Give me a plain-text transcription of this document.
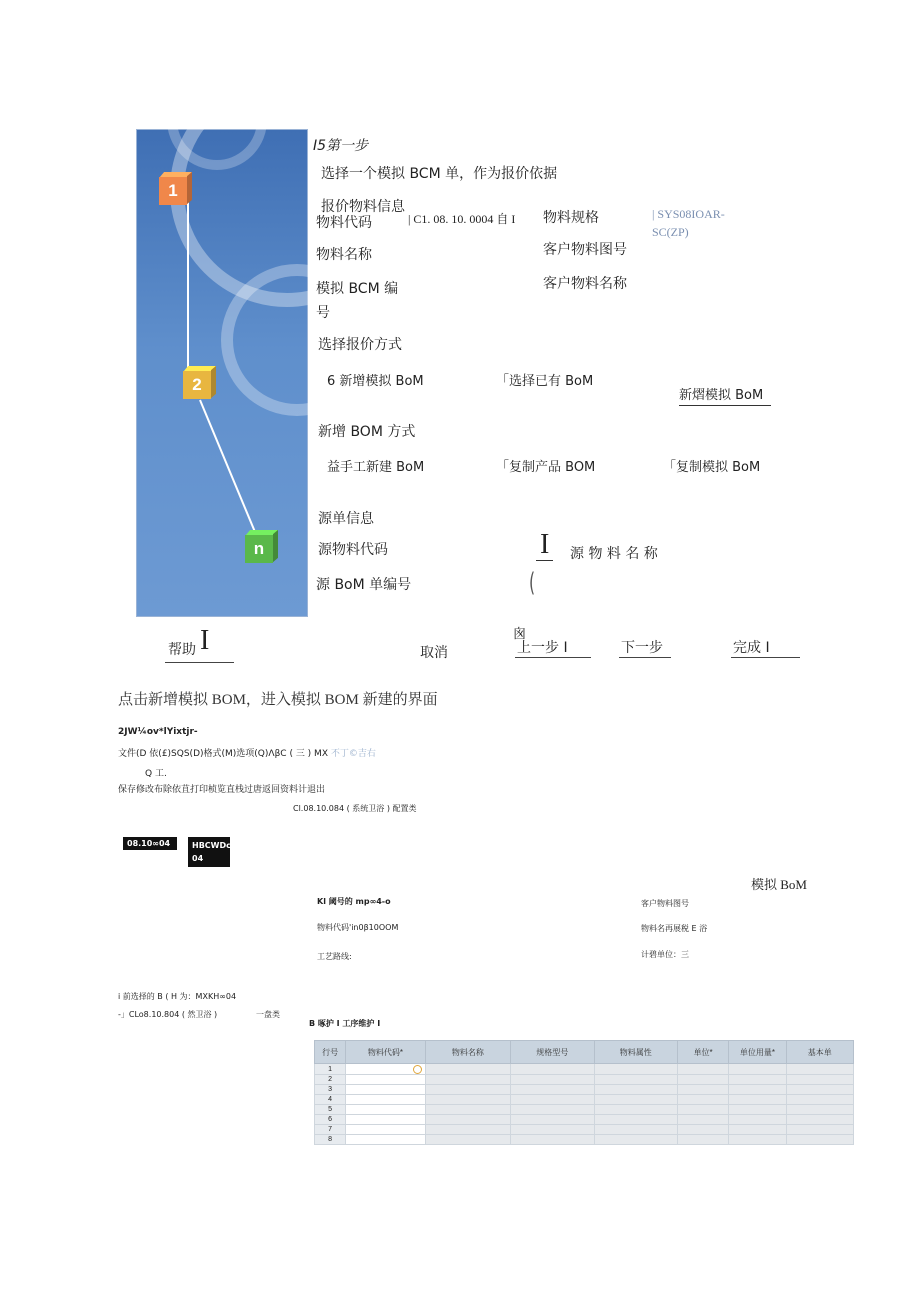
1
2
n
I5第一步
选择一个模拟 BCM 单，作为报价依据
报价物料信息
物料代码	| C1. 08. 10. 0004 自 I 物料规格	| SYS08IOAR-
SC(ZP)
物料名称	客户物料图号
模拟 BCM 编
号
客户物料名称
选择报价方式
6 新增模拟 BoM	「选择已有 BoM
新熠模拟 BoM
新增 BOM 方式
益手工新建 BoM	「复制产品 BOM	「复制模拟 BoM
源单信息
源物料代码	I 源 物 料 名 称
源 BoM 单编号	(
帮助 I	取消
囪
上一步 I	下一步	完成 I
点击新增模拟 BOM，进入模拟 BOM 新建的界面
2JW¼ov*lYixtjr-
文件(D 依(£)SQS(D)格式(M)选项(Q)ΛβC ( 三 ) MX 不丁©吉右
Q 工.
保存修改布除依苴打印桢览直栈过唐返回资料计退出
Cl.08.10.084 ( 系统卫浴 ) 配置类
08.10∞04	HBCWDc
04
模拟 BoM
Kl 阈号的 mp∞4-o	客户物料图号
物料代码'in0β10OOM	物料名再展税 E 浴
工艺路线:	计碧单位：三
i 前选择的 B ( H 为：MXKH∞04
-」CLo8.10.804 ( 然卫浴 )	一盘类
B 啄护 I 工序维护 I
行号	物料代码*	物料名称	规格型号	物料属性	单位*	单位用量*	基本单
1	

2							
3							
4							
5							
6							
7							
8							
